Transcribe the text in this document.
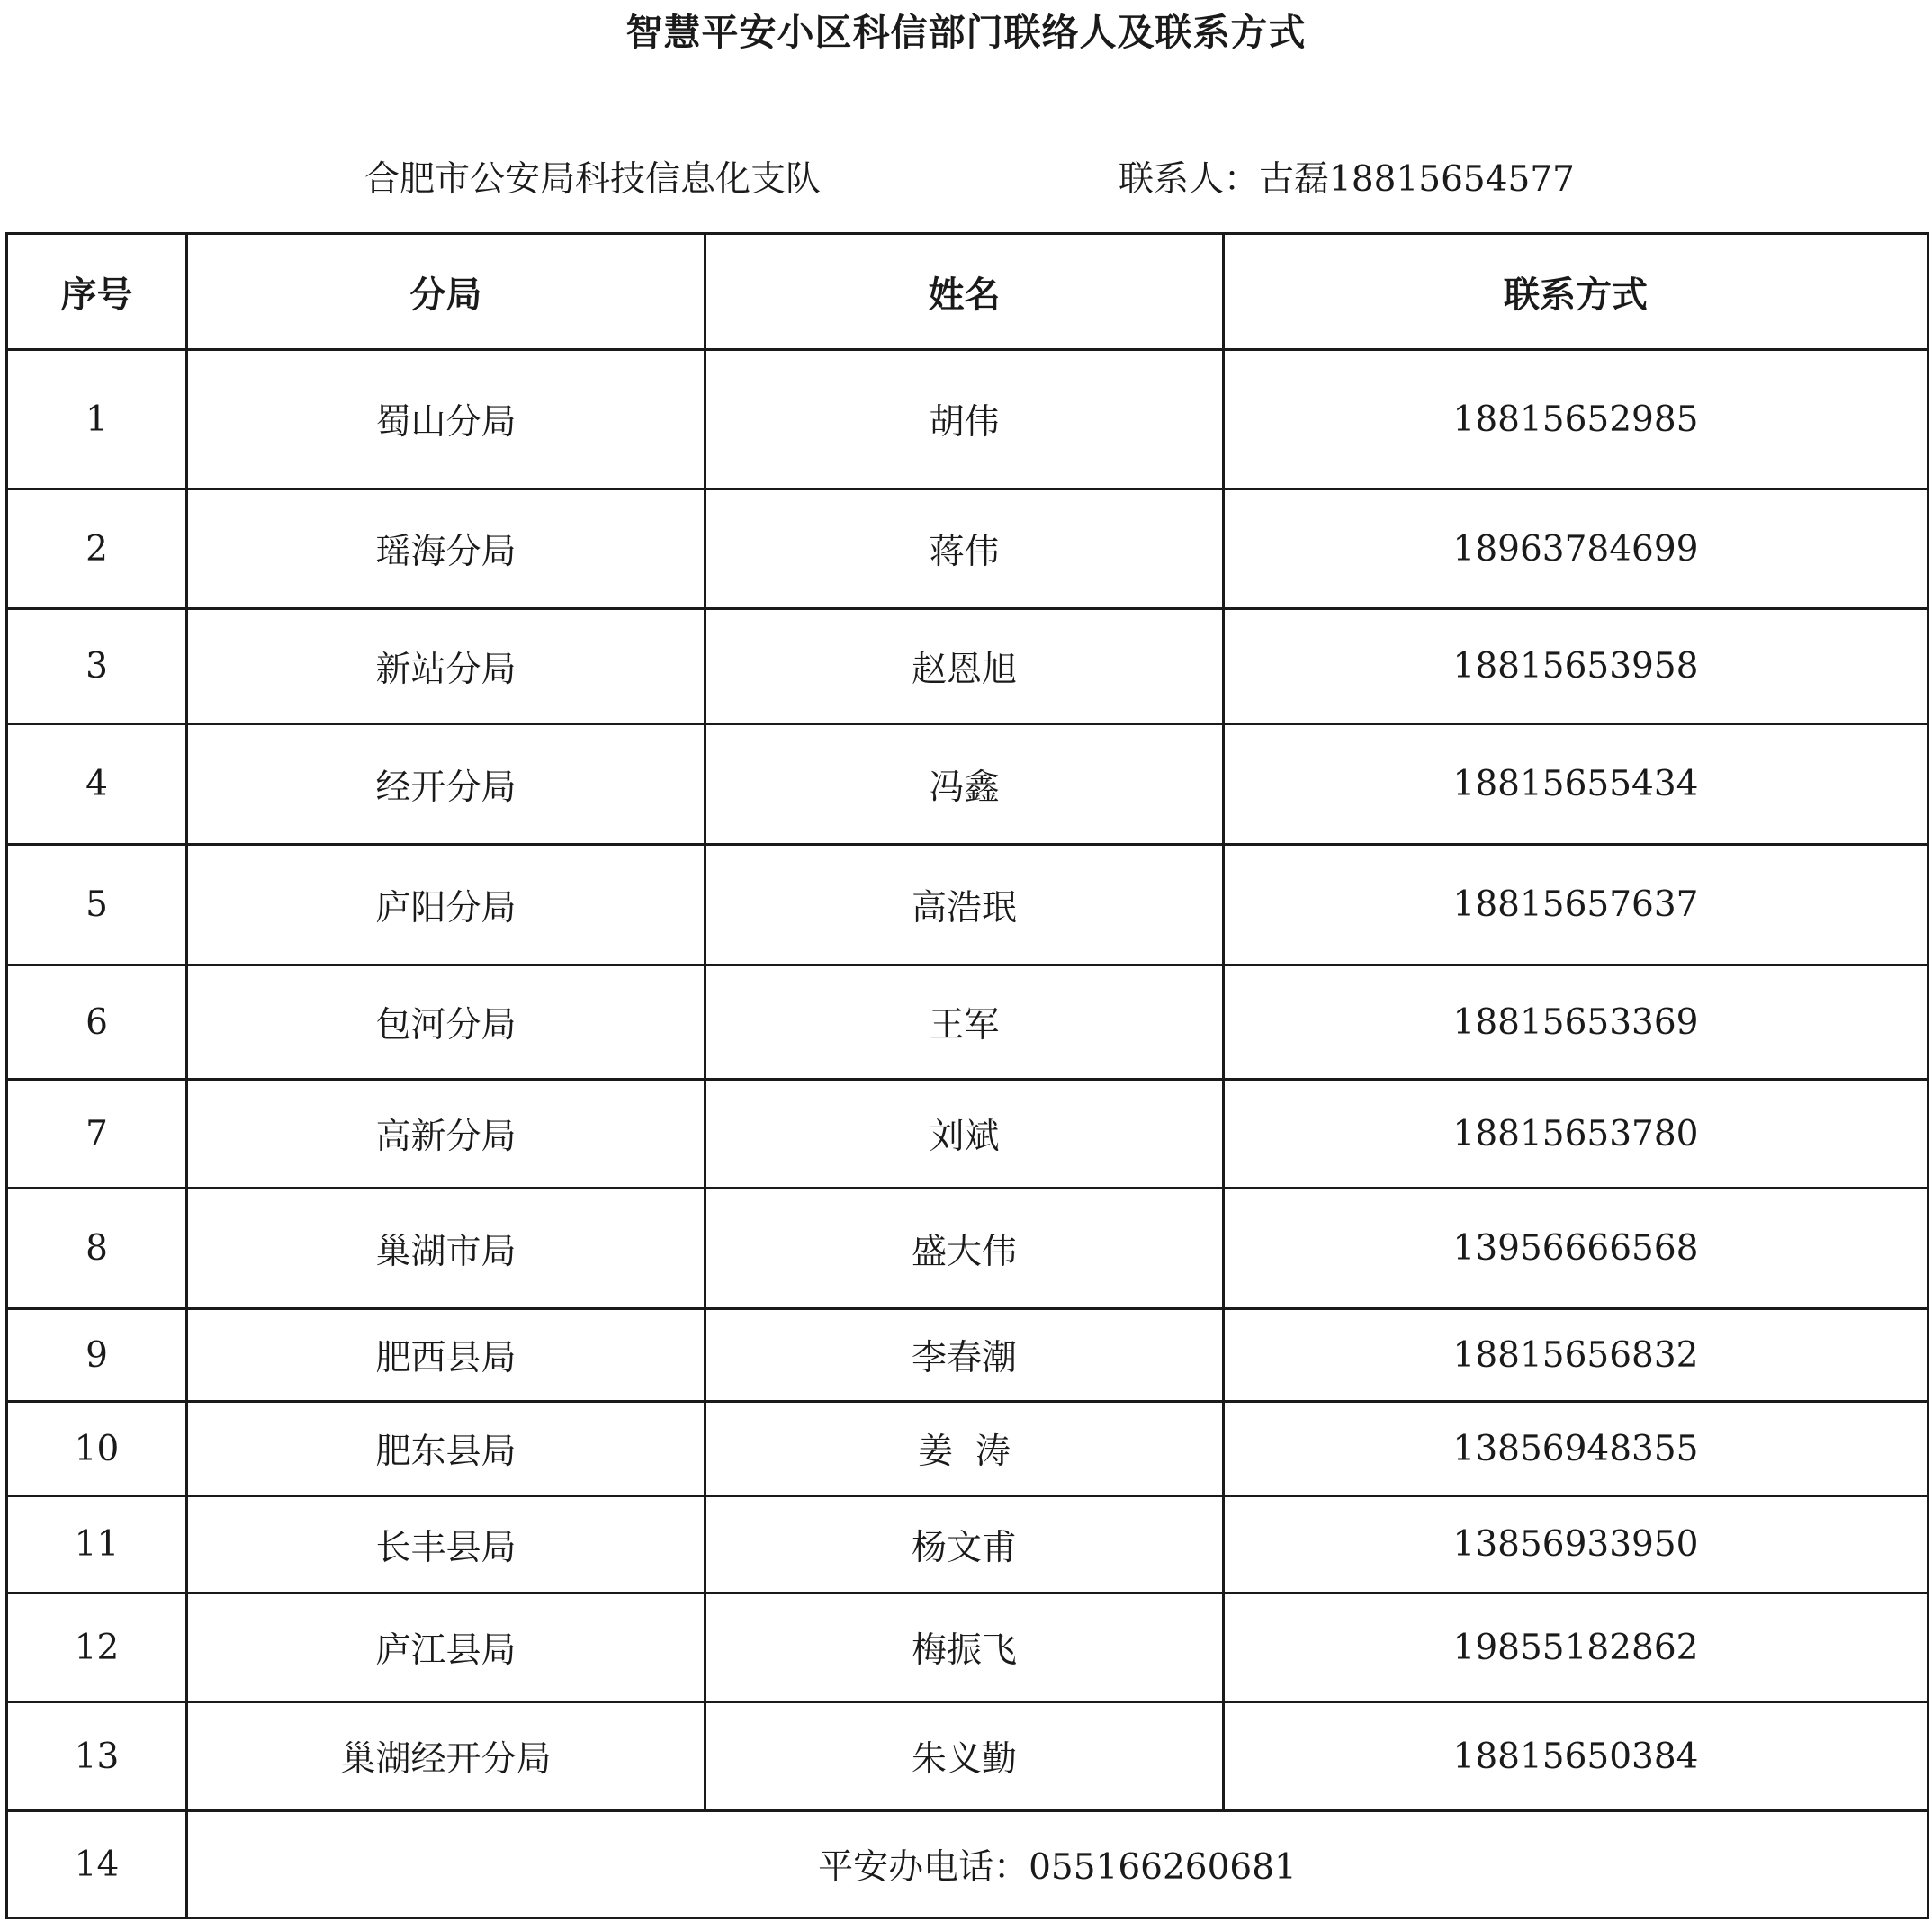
智慧平安小区科信部门联络人及联系方式
合肥市公安局科技信息化支队	联系人：古磊18815654577
序号	分局	姓名	联系方式
1	蜀山分局	胡伟	18815652985
2	瑶海分局	蒋伟	18963784699
3	新站分局	赵恩旭	18815653958
4	经开分局	冯鑫	18815655434
5	庐阳分局	高浩珉	18815657637
6	包河分局	王军	18815653369
7	高新分局	刘斌	18815653780
8	巢湖市局	盛大伟	13956666568
9	肥西县局	李春潮	18815656832
10	肥东县局	姜  涛	13856948355
11	长丰县局	杨文甫	13856933950
12	庐江县局	梅振飞	19855182862
13	巢湖经开分局	朱义勤	18815650384
14	平安办电话：055166260681		
